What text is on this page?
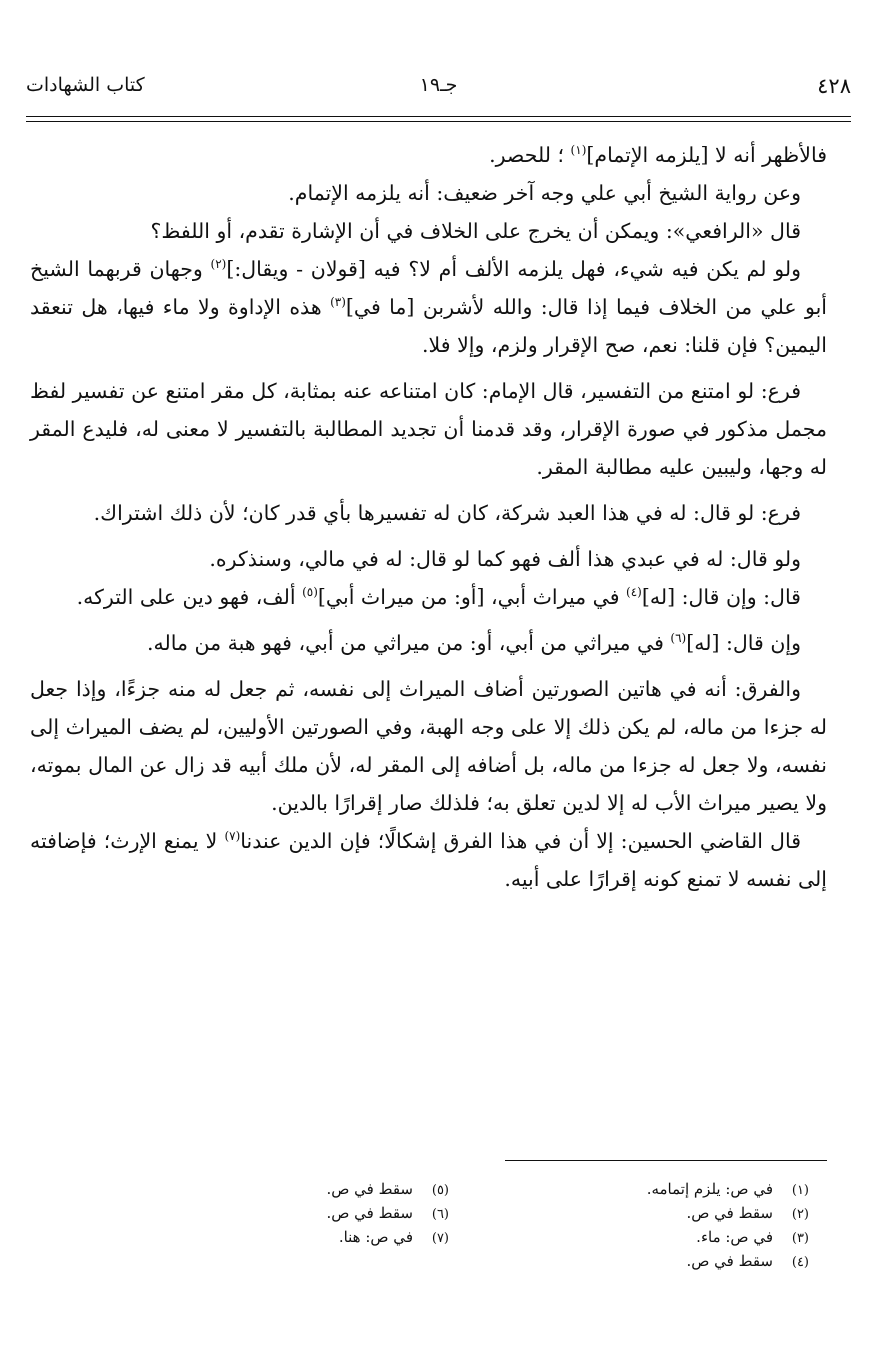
٤٢٨
جـ١٩
كتاب الشهادات

فالأظهر أنه لا [يلزمه الإتمام]$^{(١)}$ ؛ للحصر.

وعن رواية الشيخ أبي علي وجه آخر ضعيف: أنه يلزمه الإتمام.

قال «الرافعي»: ويمكن أن يخرج على الخلاف في أن الإشارة تقدم، أو اللفظ؟

ولو لم يكن فيه شيء، فهل يلزمه الألف أم لا؟ فيه [قولان - ويقال:]$^{(٢)}$ وجهان قربهما الشيخ أبو علي من الخلاف فيما إذا قال: والله لأشربن [ما في]$^{(٣)}$ هذه الإداوة ولا ماء فيها، هل تنعقد اليمين؟ فإن قلنا: نعم، صح الإقرار ولزم، وإلا فلا.

فرع: لو امتنع من التفسير، قال الإمام: كان امتناعه عنه بمثابة، كل مقر امتنع عن تفسير لفظ مجمل مذكور في صورة الإقرار، وقد قدمنا أن تجديد المطالبة بالتفسير لا معنى له، فليدع المقر له وجها، وليبين عليه مطالبة المقر.

فرع: لو قال: له في هذا العبد شركة، كان له تفسيرها بأي قدر كان؛ لأن ذلك اشتراك.

ولو قال: له في عبدي هذا ألف فهو كما لو قال: له في مالي، وسنذكره.

قال: وإن قال: [له]$^{(٤)}$ في ميراث أبي، [أو: من ميراث أبي]$^{(٥)}$ ألف، فهو دين على التركه.

وإن قال: [له]$^{(٦)}$ في ميراثي من أبي، أو: من ميراثي من أبي، فهو هبة من ماله.

والفرق: أنه في هاتين الصورتين أضاف الميراث إلى نفسه، ثم جعل له منه جزءًا، وإذا جعل له جزءا من ماله، لم يكن ذلك إلا على وجه الهبة، وفي الصورتين الأوليين، لم يضف الميراث إلى نفسه، ولا جعل له جزءا من ماله، بل أضافه إلى المقر له، لأن ملك أبيه قد زال عن المال بموته، ولا يصير ميراث الأب له إلا لدين تعلق به؛ فلذلك صار إقرارًا بالدين.

قال القاضي الحسين: إلا أن في هذا الفرق إشكالًا؛ فإن الدين عندنا$^{(٧)}$ لا يمنع الإرث؛ فإضافته إلى نفسه لا تمنع كونه إقرارًا على أبيه.

(١)في ص: يلزم إتمامه.
(٢)سقط في ص.
(٣)في ص: ماء.
(٤)سقط في ص.
(٥)سقط في ص.
(٦)سقط في ص.
(٧)في ص: هنا.
